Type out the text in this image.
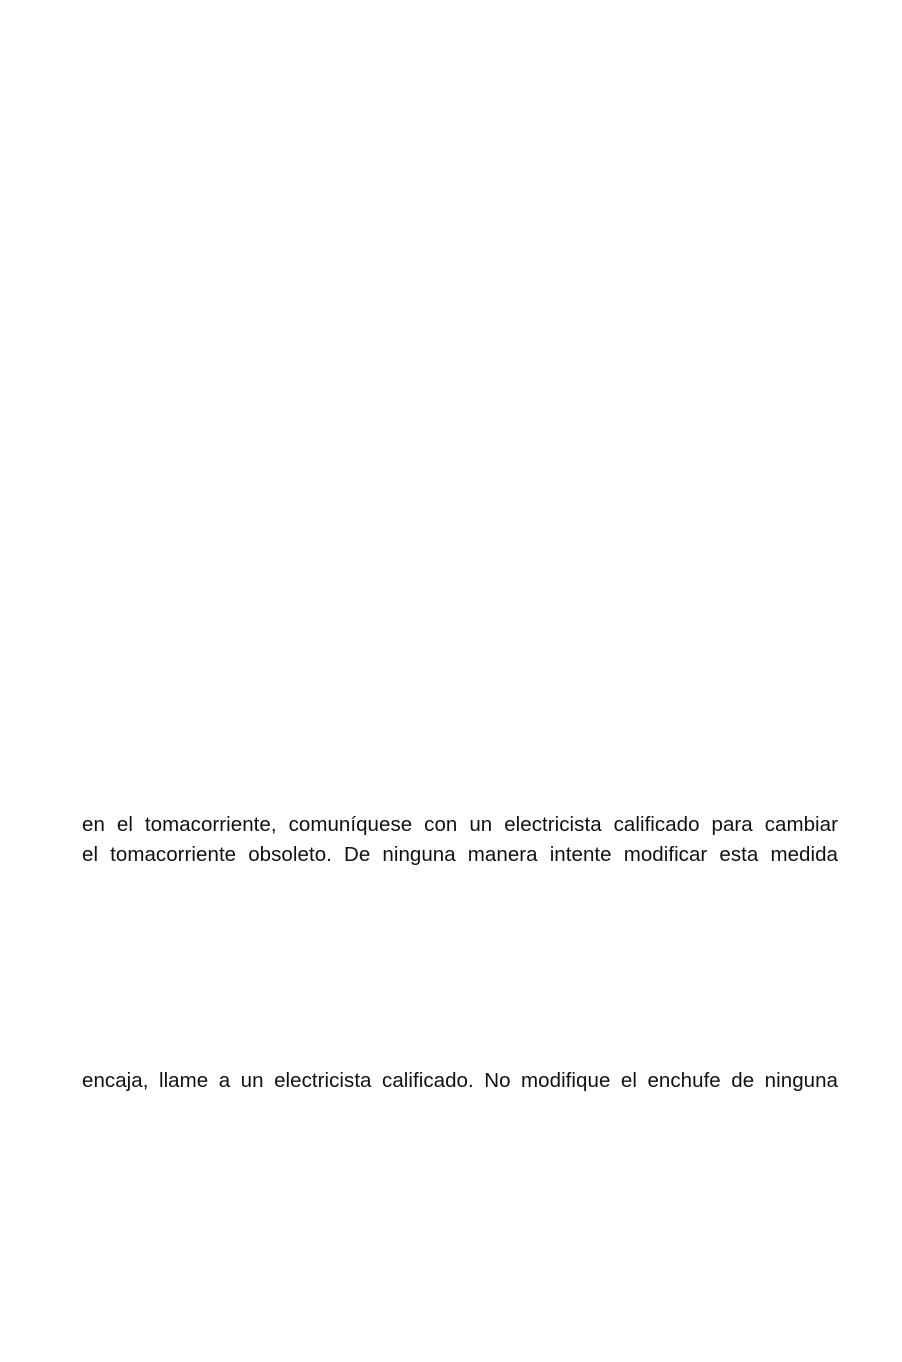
en el tomacorriente, comuníquese con un electricista calificado para cambiar
el tomacorriente obsoleto. De ninguna manera intente modificar esta medida
encaja, llame a un electricista calificado. No modifique el enchufe de ninguna
